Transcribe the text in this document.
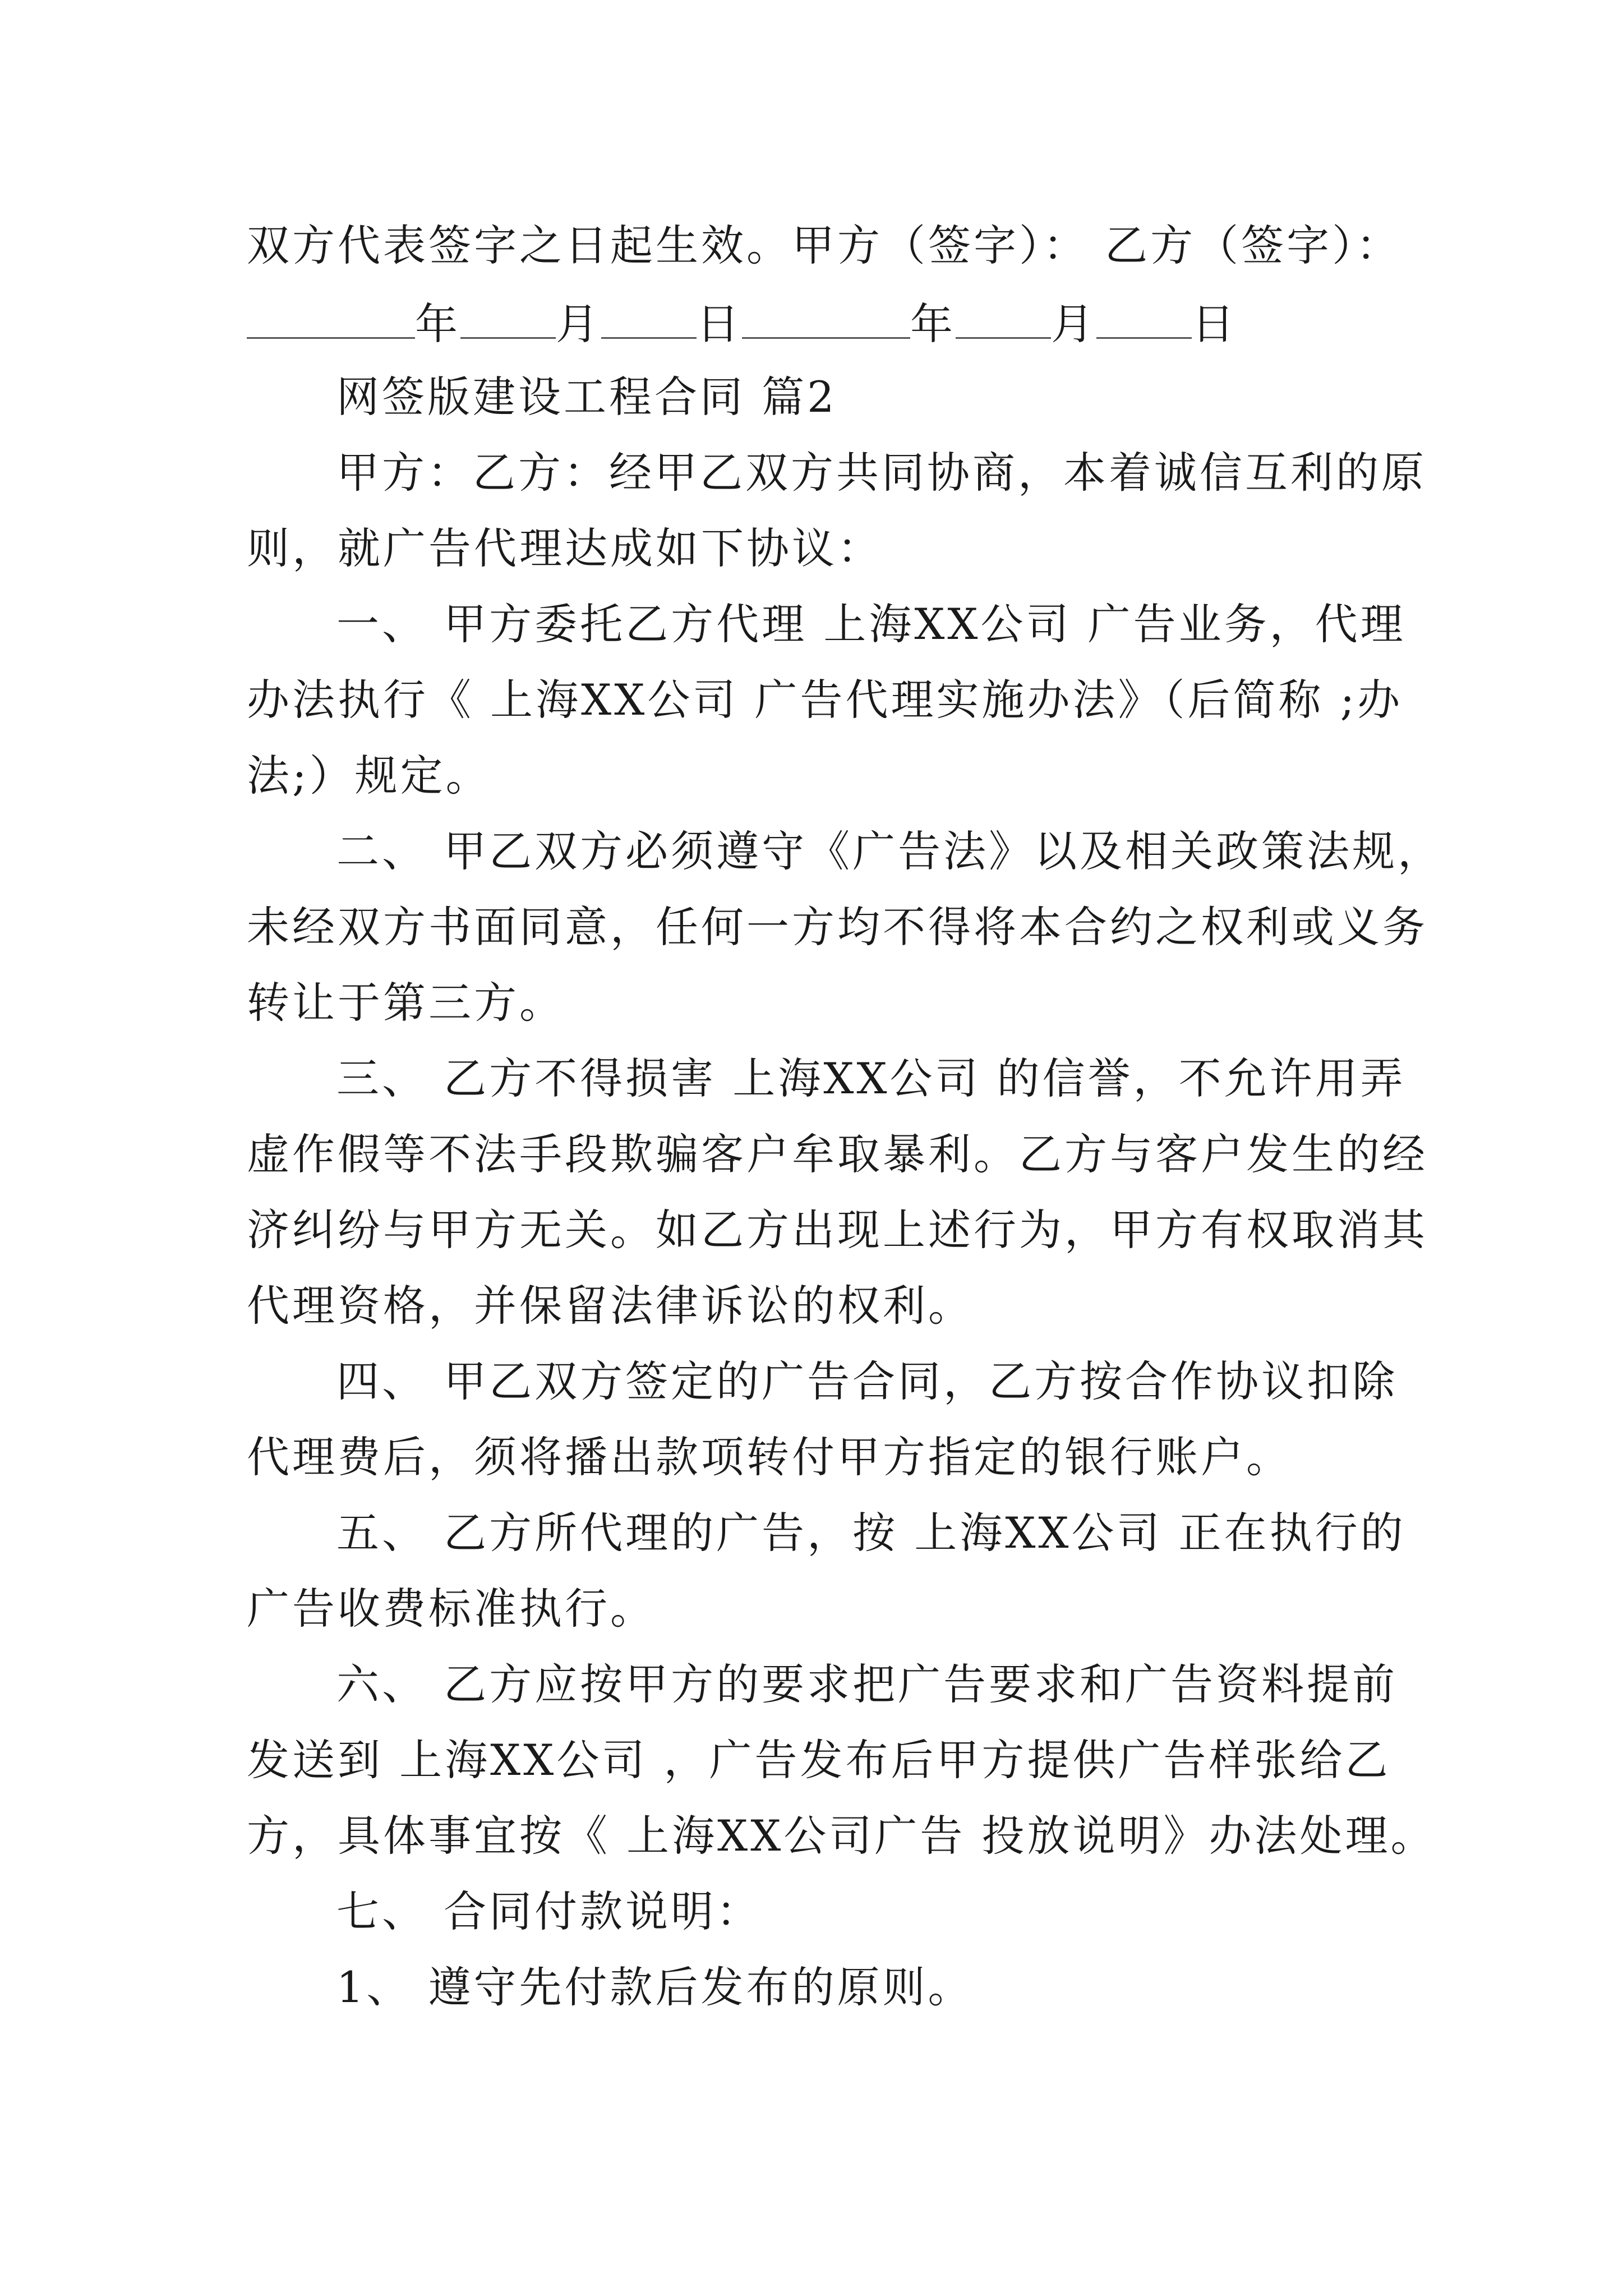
双方代表签字之日起生效。甲方（签字）： 乙方（签字）：
年 月 日	年 月 日
网签版建设工程合同 篇2
甲方：乙方：经甲乙双方共同协商，本着诚信互利的原
则，就广告代理达成如下协议：
一、 甲方委托乙方代理 上海XX公司 广告业务，代理
办法执行《 上海XX公司 广告代理实施办法》（后简称 ;办
法;）规定。
二、 甲乙双方必须遵守《广告法》以及相关政策法规，
未经双方书面同意，任何一方均不得将本合约之权利或义务
转让于第三方。
三、 乙方不得损害 上海XX公司 的信誉，不允许用弄
虚作假等不法手段欺骗客户牟取暴利。乙方与客户发生的经
济纠纷与甲方无关。如乙方出现上述行为，甲方有权取消其
代理资格，并保留法律诉讼的权利。
四、 甲乙双方签定的广告合同，乙方按合作协议扣除
代理费后，须将播出款项转付甲方指定的银行账户。
五、 乙方所代理的广告，按 上海XX公司 正在执行的
广告收费标准执行。
六、 乙方应按甲方的要求把广告要求和广告资料提前
发送到 上海XX公司 ，广告发布后甲方提供广告样张给乙
方，具体事宜按《 上海XX公司广告 投放说明》办法处理。
七、 合同付款说明：
1、 遵守先付款后发布的原则。
